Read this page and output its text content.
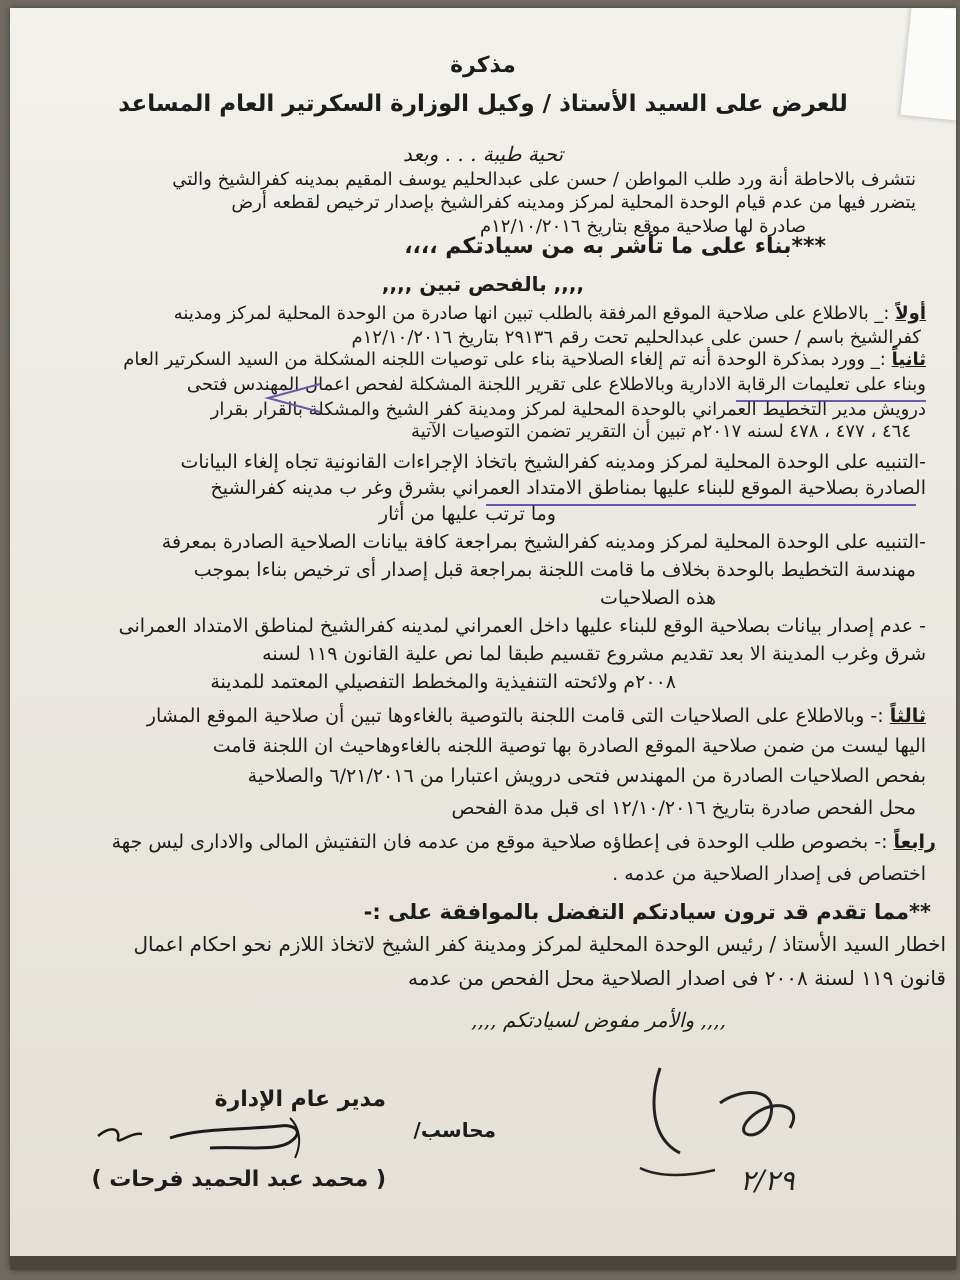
مذكرة
للعرض على السيد الأستاذ / وكيل الوزارة السكرتير العام المساعد
تحية طيبة . . . وبعد
نتشرف بالاحاطة أنة ورد طلب المواطن / حسن على عبدالحليم يوسف المقيم بمدينه كفرالشيخ والتي
يتضرر فيها من عدم قيام الوحدة المحلية لمركز ومدينه كفرالشيخ بإصدار ترخيص لقطعه أرض
صادرة لها صلاحية موقع بتاريخ ١٢/١٠/٢٠١٦م
***بناء على ما تأشر به من سيادتكم ،،،،
,,,, بالفحص تبين ,,,,
أولاً :_ بالاطلاع على صلاحية الموقع المرفقة بالطلب تبين انها صادرة من الوحدة المحلية لمركز ومدينه
كفرالشيخ باسم / حسن على عبدالحليم تحت رقم ٢٩١٣٦ بتاريخ ١٢/١٠/٢٠١٦م
ثانياً :_ وورد بمذكرة الوحدة أنه تم إلغاء الصلاحية بناء على توصيات اللجنه المشكلة من السيد السكرتير العام
وبناء على تعليمات الرقابة الادارية وبالاطلاع على تقرير اللجنة المشكلة لفحص اعمال المهندس فتحى
درويش مدير التخطيط العمراني بالوحدة المحلية لمركز ومدينة كفر الشيخ والمشكلة بالقرار بقرار
٤٦٤ ، ٤٧٧ ، ٤٧٨ لسنه ٢٠١٧م تبين أن التقرير تضمن التوصيات الآتية
-التنبيه على الوحدة المحلية لمركز ومدينه كفرالشيخ باتخاذ الإجراءات القانونية تجاه إلغاء البيانات
الصادرة بصلاحية الموقع للبناء عليها بمناطق الامتداد العمراني بشرق وغر ب مدينه كفرالشيخ
وما ترتب عليها من أثار
-التنبيه على الوحدة المحلية لمركز ومدينه كفرالشيخ بمراجعة كافة بيانات الصلاحية الصادرة بمعرفة
مهندسة التخطيط بالوحدة بخلاف ما قامت اللجنة بمراجعة قبل إصدار أى ترخيص بناءا بموجب
هذه الصلاحيات
- عدم إصدار بيانات بصلاحية الوقع للبناء عليها داخل العمراني لمدينه كفرالشيخ لمناطق الامتداد العمرانى
شرق وغرب المدينة الا بعد تقديم مشروع تقسيم طبقا لما نص علية القانون ١١٩ لسنه
٢٠٠٨م ولائحته التنفيذية والمخطط التفصيلي المعتمد للمدينة
ثالثاً :- وبالاطلاع على الصلاحيات التى قامت اللجنة بالتوصية بالغاءوها تبين أن صلاحية الموقع المشار
اليها ليست من ضمن صلاحية الموقع الصادرة بها توصية اللجنه بالغاءوهاحيث ان اللجنة قامت
بفحص الصلاحيات الصادرة من المهندس فتحى درويش اعتبارا من ٦/٢١/٢٠١٦ والصلاحية
محل الفحص صادرة بتاريخ ١٢/١٠/٢٠١٦ اى قبل مدة الفحص
رابعاً :- بخصوص طلب الوحدة فى إعطاؤه صلاحية موقع من عدمه فان التفتيش المالى والادارى ليس جهة
اختصاص فى إصدار الصلاحية من عدمه .
**مما تقدم قد ترون سيادتكم التفضل بالموافقة على :-
اخطار السيد الأستاذ / رئيس الوحدة المحلية لمركز ومدينة كفر الشيخ لاتخاذ اللازم نحو احكام اعمال
قانون ١١٩ لسنة ٢٠٠٨ فى اصدار الصلاحية محل الفحص من عدمه
,,,, والأمر مفوض لسيادتكم ,,,,
مدير عام الإدارة
محاسب/
( محمد عبد الحميد فرحات )	٢/٢٩
